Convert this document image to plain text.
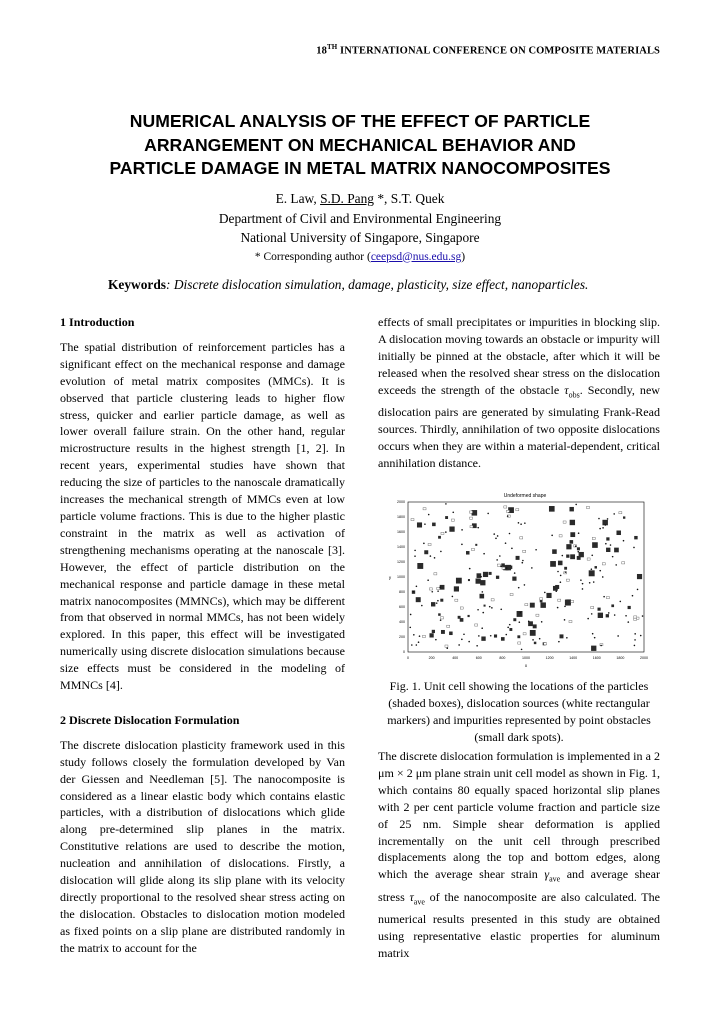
18TH INTERNATIONAL CONFERENCE ON COMPOSITE MATERIALS
NUMERICAL ANALYSIS OF THE EFFECT OF PARTICLE
ARRANGEMENT ON MECHANICAL BEHAVIOR AND
PARTICLE DAMAGE IN METAL MATRIX NANOCOMPOSITES
E. Law, S.D. Pang *, S.T. Quek
Department of Civil and Environmental Engineering
National University of Singapore, Singapore
* Corresponding author (ceepsd@nus.edu.sg)
Keywords: Discrete dislocation simulation, damage, plasticity, size effect, nanoparticles.

1 Introduction

The spatial distribution of reinforcement particles has a significant effect on the mechanical response and damage evolution of metal matrix composites (MMCs). It is observed that particle clustering leads to higher flow stress, quicker and earlier particle damage, as well as lower overall failure strain. On the other hand, regular microstructure results in the highest strength [1, 2]. In recent years, experimental studies have shown that reducing the size of particles to the nanoscale dramatically increases the mechanical strength of MMCs even at low particle volume fractions. This is due to the higher plastic constraint in the matrix as well as activation of strengthening mechanisms operating at the nanoscale [3]. However, the effect of particle distribution on the mechanical response and particle damage in these metal matrix nanocomposites (MMNCs), which may be different from that observed in normal MMCs, has not been widely explored. In this paper, this effect will be investigated numerically using discrete dislocation simulations because size effects must be considered in the modeling of MMNCs [4].

2 Discrete Dislocation Formulation

The discrete dislocation plasticity framework used in this study follows closely the formulation developed by Van der Giessen and Needleman [5]. The nanocomposite is considered as a linear elastic body which contains elastic particles, with a distribution of dislocations which glide along pre-determined slip planes in the matrix. Constitutive relations are used to describe the motion, nucleation and annihilation of dislocations. Firstly, a dislocation will glide along its slip plane with its velocity directly proportional to the resolved shear stress acting on the dislocation. Obstacles to dislocation motion modeled as fixed points on a slip plane are distributed randomly in the matrix to account for the

effects of small precipitates or impurities in blocking slip. A dislocation moving towards an obstacle or impurity will initially be pinned at the obstacle, after which it will be released when the resolved shear stress on the dislocation exceeds the strength of the obstacle $\tau_{obs}$. Secondly, new dislocation pairs are generated by simulating Frank-Read sources. Thirdly, annihilation of two opposite dislocations occurs when they are within a material-dependent, critical annihilation distance.

Undeformed shape
y
x
0	200	400	600	800	1000	1200	1400	1600	1800	2000
0
200
400
600
800
1000
1200
1400
1600
1800
2000
Fig. 1. Unit cell showing the locations of the particles (shaded boxes), dislocation sources (white rectangular markers) and impurities represented by point obstacles (small dark spots).

The discrete dislocation formulation is implemented in a 2 μm × 2 μm plane strain unit cell model as shown in Fig. 1, which contains 80 equally spaced horizontal slip planes with 2 per cent particle volume fraction and particle size of 25 nm. Simple shear deformation is applied incrementally on the unit cell through prescribed displacements along the top and bottom edges, along which the average shear strain $\gamma_{ave}$ and average shear stress $\tau_{ave}$ of the nanocomposite are also calculated. The numerical results presented in this study are obtained using representative elastic properties for aluminum matrix
